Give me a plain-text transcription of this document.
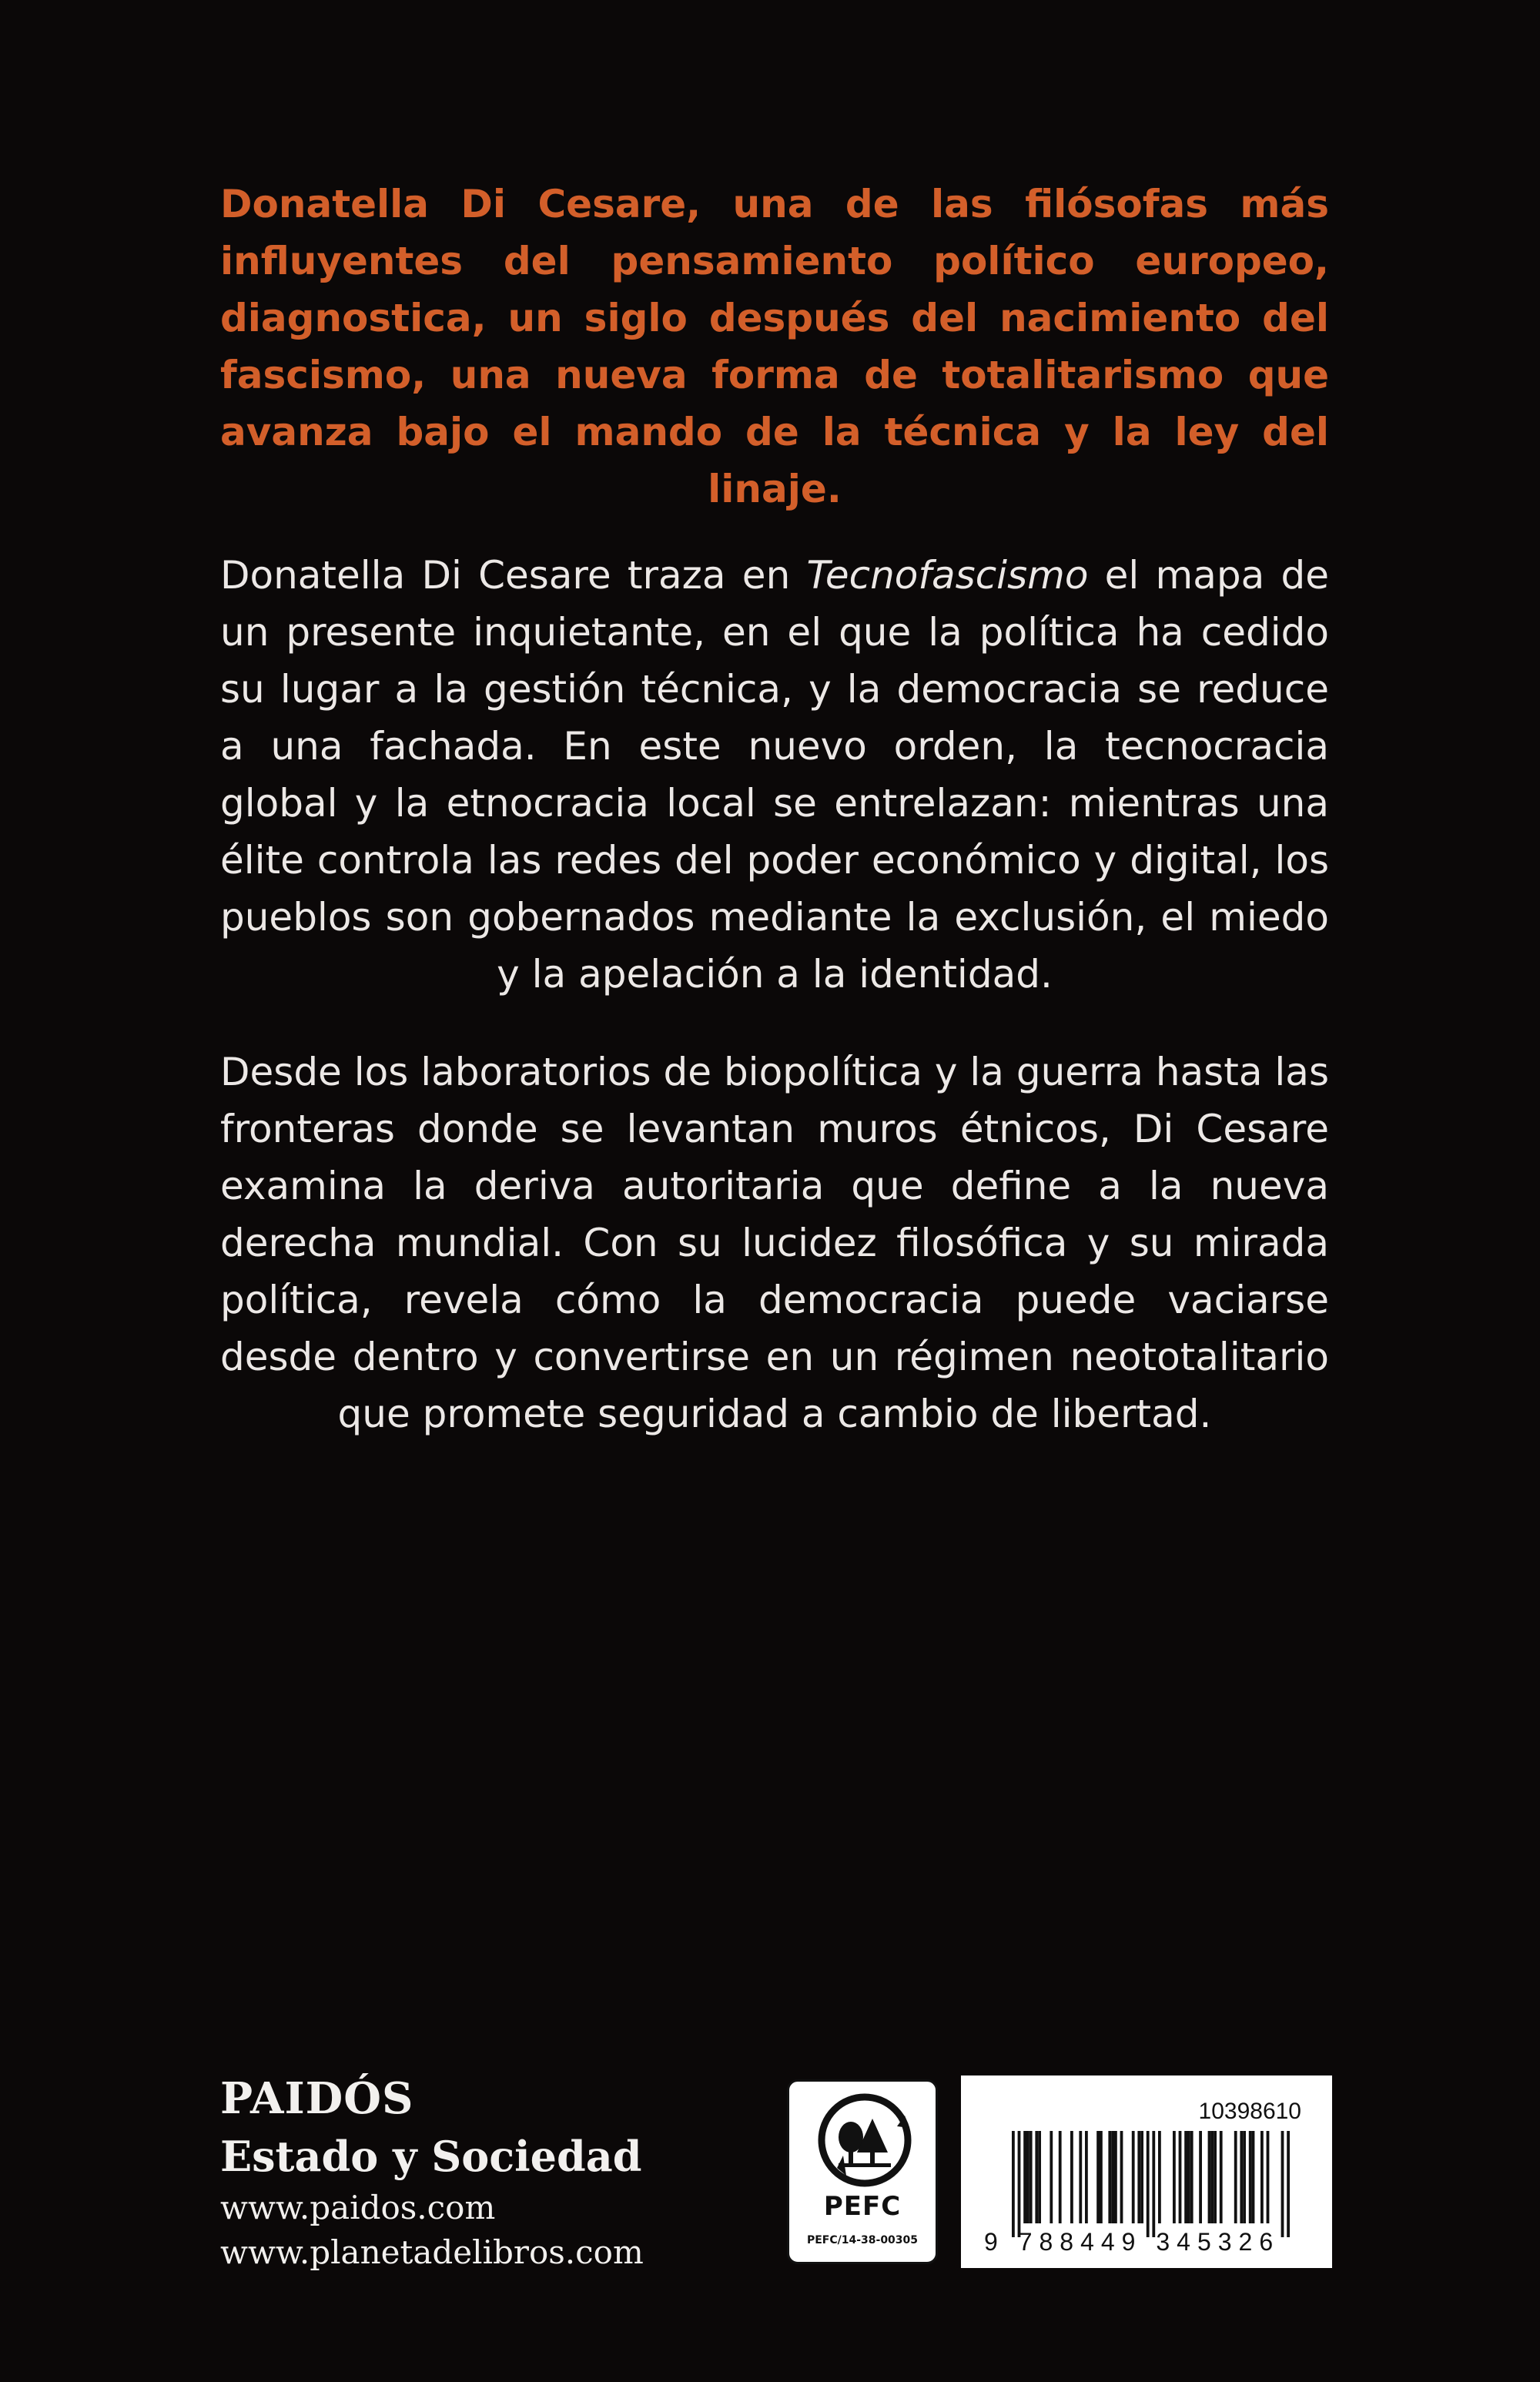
Donatella Di Cesare, una de las filósofas más influyentes del pensamiento político europeo, diagnostica, un siglo después del nacimiento del fascismo, una nueva forma de totalitarismo que avanza bajo el mando de la técnica y la ley del linaje.

Donatella Di Cesare traza en Tecnofascismo el mapa de un presente inquietante, en el que la política ha cedido su lugar a la gestión técnica, y la democracia se reduce a una fachada. En este nuevo orden, la tecnocracia global y la etnocracia local se entrelazan: mientras una élite controla las redes del poder económico y digital, los pueblos son gobernados mediante la exclusión, el miedo y la apelación a la identidad.

Desde los laboratorios de biopolítica y la guerra hasta las fronteras donde se levantan muros étnicos, Di Cesare examina la deriva autoritaria que define a la nueva derecha mundial. Con su lucidez filosófica y su mirada política, revela cómo la democracia puede vaciarse desde dentro y convertirse en un régimen neototalitario que promete seguridad a cambio de libertad.

PAIDÓS
Estado y Sociedad
www.paidos.com
www.planetadelibros.com
PEFC
PEFC/14-38-00305
10398610
9 788449 345326
